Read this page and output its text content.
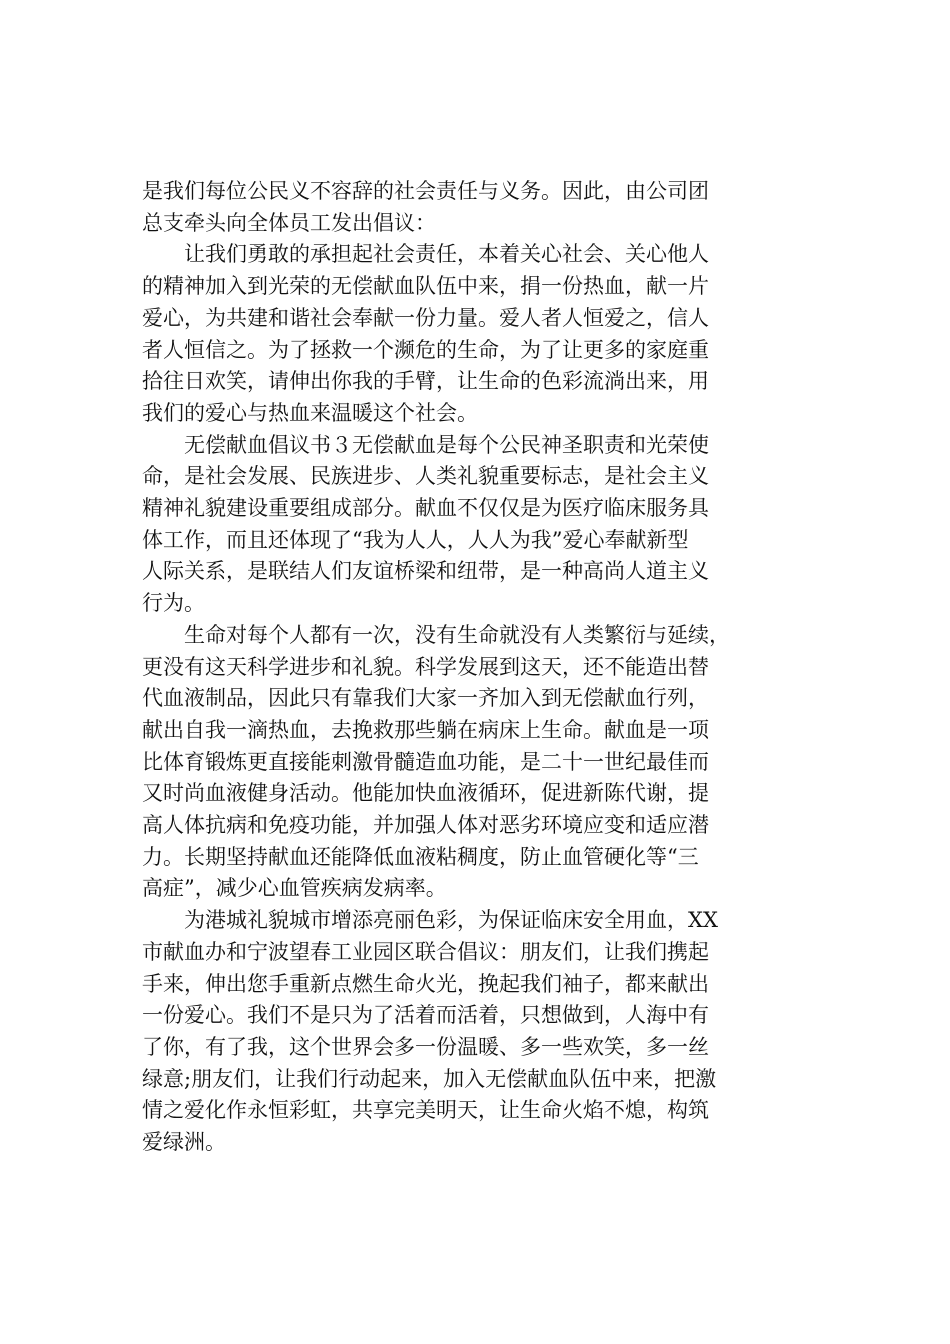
是我们每位公民义不容辞的社会责任与义务。因此，由公司团
总支牵头向全体员工发出倡议：

让我们勇敢的承担起社会责任，本着关心社会、关心他人
的精神加入到光荣的无偿献血队伍中来，捐一份热血，献一片
爱心，为共建和谐社会奉献一份力量。爱人者人恒爱之，信人
者人恒信之。为了拯救一个濒危的生命，为了让更多的家庭重
拾往日欢笑，请伸出你我的手臂，让生命的色彩流淌出来，用
我们的爱心与热血来温暖这个社会。

无偿献血倡议书３无偿献血是每个公民神圣职责和光荣使
命，是社会发展、民族进步、人类礼貌重要标志，是社会主义
精神礼貌建设重要组成部分。献血不仅仅是为医疗临床服务具
体工作，而且还体现了“我为人人，人人为我”爱心奉献新型
人际关系，是联结人们友谊桥梁和纽带，是一种高尚人道主义
行为。

生命对每个人都有一次，没有生命就没有人类繁衍与延续，
更没有这天科学进步和礼貌。科学发展到这天，还不能造出替
代血液制品，因此只有靠我们大家一齐加入到无偿献血行列，
献出自我一滴热血，去挽救那些躺在病床上生命。献血是一项
比体育锻炼更直接能刺激骨髓造血功能，是二十一世纪最佳而
又时尚血液健身活动。他能加快血液循环，促进新陈代谢，提
高人体抗病和免疫功能，并加强人体对恶劣环境应变和适应潜
力。长期坚持献血还能降低血液粘稠度，防止血管硬化等“三
高症”，减少心血管疾病发病率。

为港城礼貌城市增添亮丽色彩，为保证临床安全用血，XX
市献血办和宁波望春工业园区联合倡议：朋友们，让我们携起
手来，伸出您手重新点燃生命火光，挽起我们袖子，都来献出
一份爱心。我们不是只为了活着而活着，只想做到，人海中有
了你，有了我，这个世界会多一份温暖、多一些欢笑，多一丝
绿意;朋友们，让我们行动起来，加入无偿献血队伍中来，把激
情之爱化作永恒彩虹，共享完美明天，让生命火焰不熄，构筑
爱绿洲。
